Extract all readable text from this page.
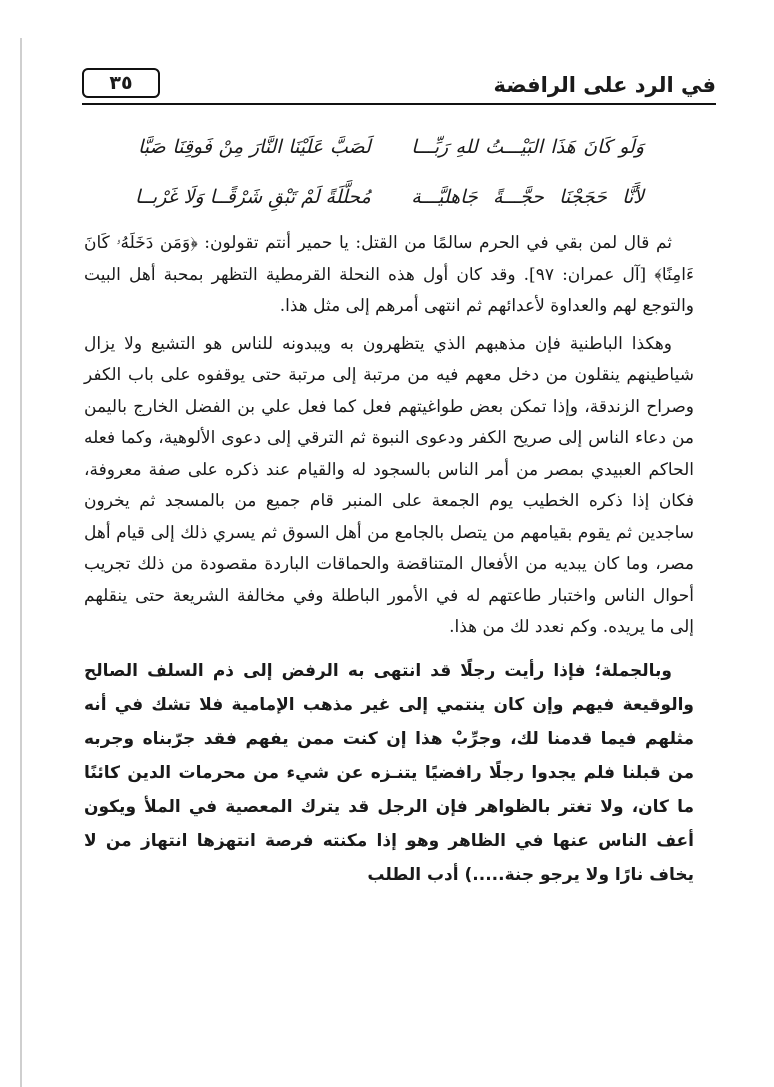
في الرد على الرافضة
٣٥
وَلَو كَانَ هَذَا البَيْـــتُ للهِ رَبِّـــا
لَصَبَّ عَلَيْنَا النَّارَ مِنْ فَوقِنَا صَبَّا
لأَنَّا حَجَجْنَا حجَّـــةً جَاهليَّـــة
مُحلَّلَةً لَمْ تَبْقِ شَرْقًــا وَلَا غَرْبــا

ثم قال لمن بقي في الحرم سالمًا من القتل: يا حمير أنتم تقولون: ﴿وَمَن دَخَلَهُۥ كَانَ ءَامِنًا﴾ [آل عمران: ٩٧]. وقد كان أول هذه النحلة القرمطية التظهر بمحبة أهل البيت والتوجع لهم والعداوة لأعدائهم ثم انتهى أمرهم إلى مثل هذا.

وهكذا الباطنية فإن مذهبهم الذي يتظهرون به ويبدونه للناس هو التشيع ولا يزال شياطينهم ينقلون من دخل معهم فيه من مرتبة إلى مرتبة حتى يوقفوه على باب الكفر وصراح الزندقة، وإذا تمكن بعض طواغيتهم فعل كما فعل علي بن الفضل الخارج باليمن من دعاء الناس إلى صريح الكفر ودعوى النبوة ثم الترقي إلى دعوى الألوهية، وكما فعله الحاكم العبيدي بمصر من أمر الناس بالسجود له والقيام عند ذكره على صفة معروفة، فكان إذا ذكره الخطيب يوم الجمعة على المنبر قام جميع من بالمسجد ثم يخرون ساجدين ثم يقوم بقيامهم من يتصل بالجامع من أهل السوق ثم يسري ذلك إلى قيام أهل مصر، وما كان يبديه من الأفعال المتناقضة والحماقات الباردة مقصودة من ذلك تجريب أحوال الناس واختبار طاعتهم له في الأمور الباطلة وفي مخالفة الشريعة حتى ينقلهم إلى ما يريده. وكم نعدد لك من هذا.

وبالجملة؛ فإذا رأيت رجلًا قد انتهى به الرفض إلى ذم السلف الصالح والوقيعة فيهم وإن كان ينتمي إلى غير مذهب الإمامية فلا تشك في أنه مثلهم فيما قدمنا لك، وجرِّبْ هذا إن كنت ممن يفهم فقد جرّبناه وجربه من قبلنا فلم يجدوا رجلًا رافضيًا يتنـزه عن شيء من محرمات الدين كائنًا ما كان، ولا تغتر بالظواهر فإن الرجل قد يترك المعصية في الملأ ويكون أعف الناس عنها في الظاهر وهو إذا مكنته فرصة انتهزها انتهاز من لا يخاف نارًا ولا يرجو جنة.....) أدب الطلب
